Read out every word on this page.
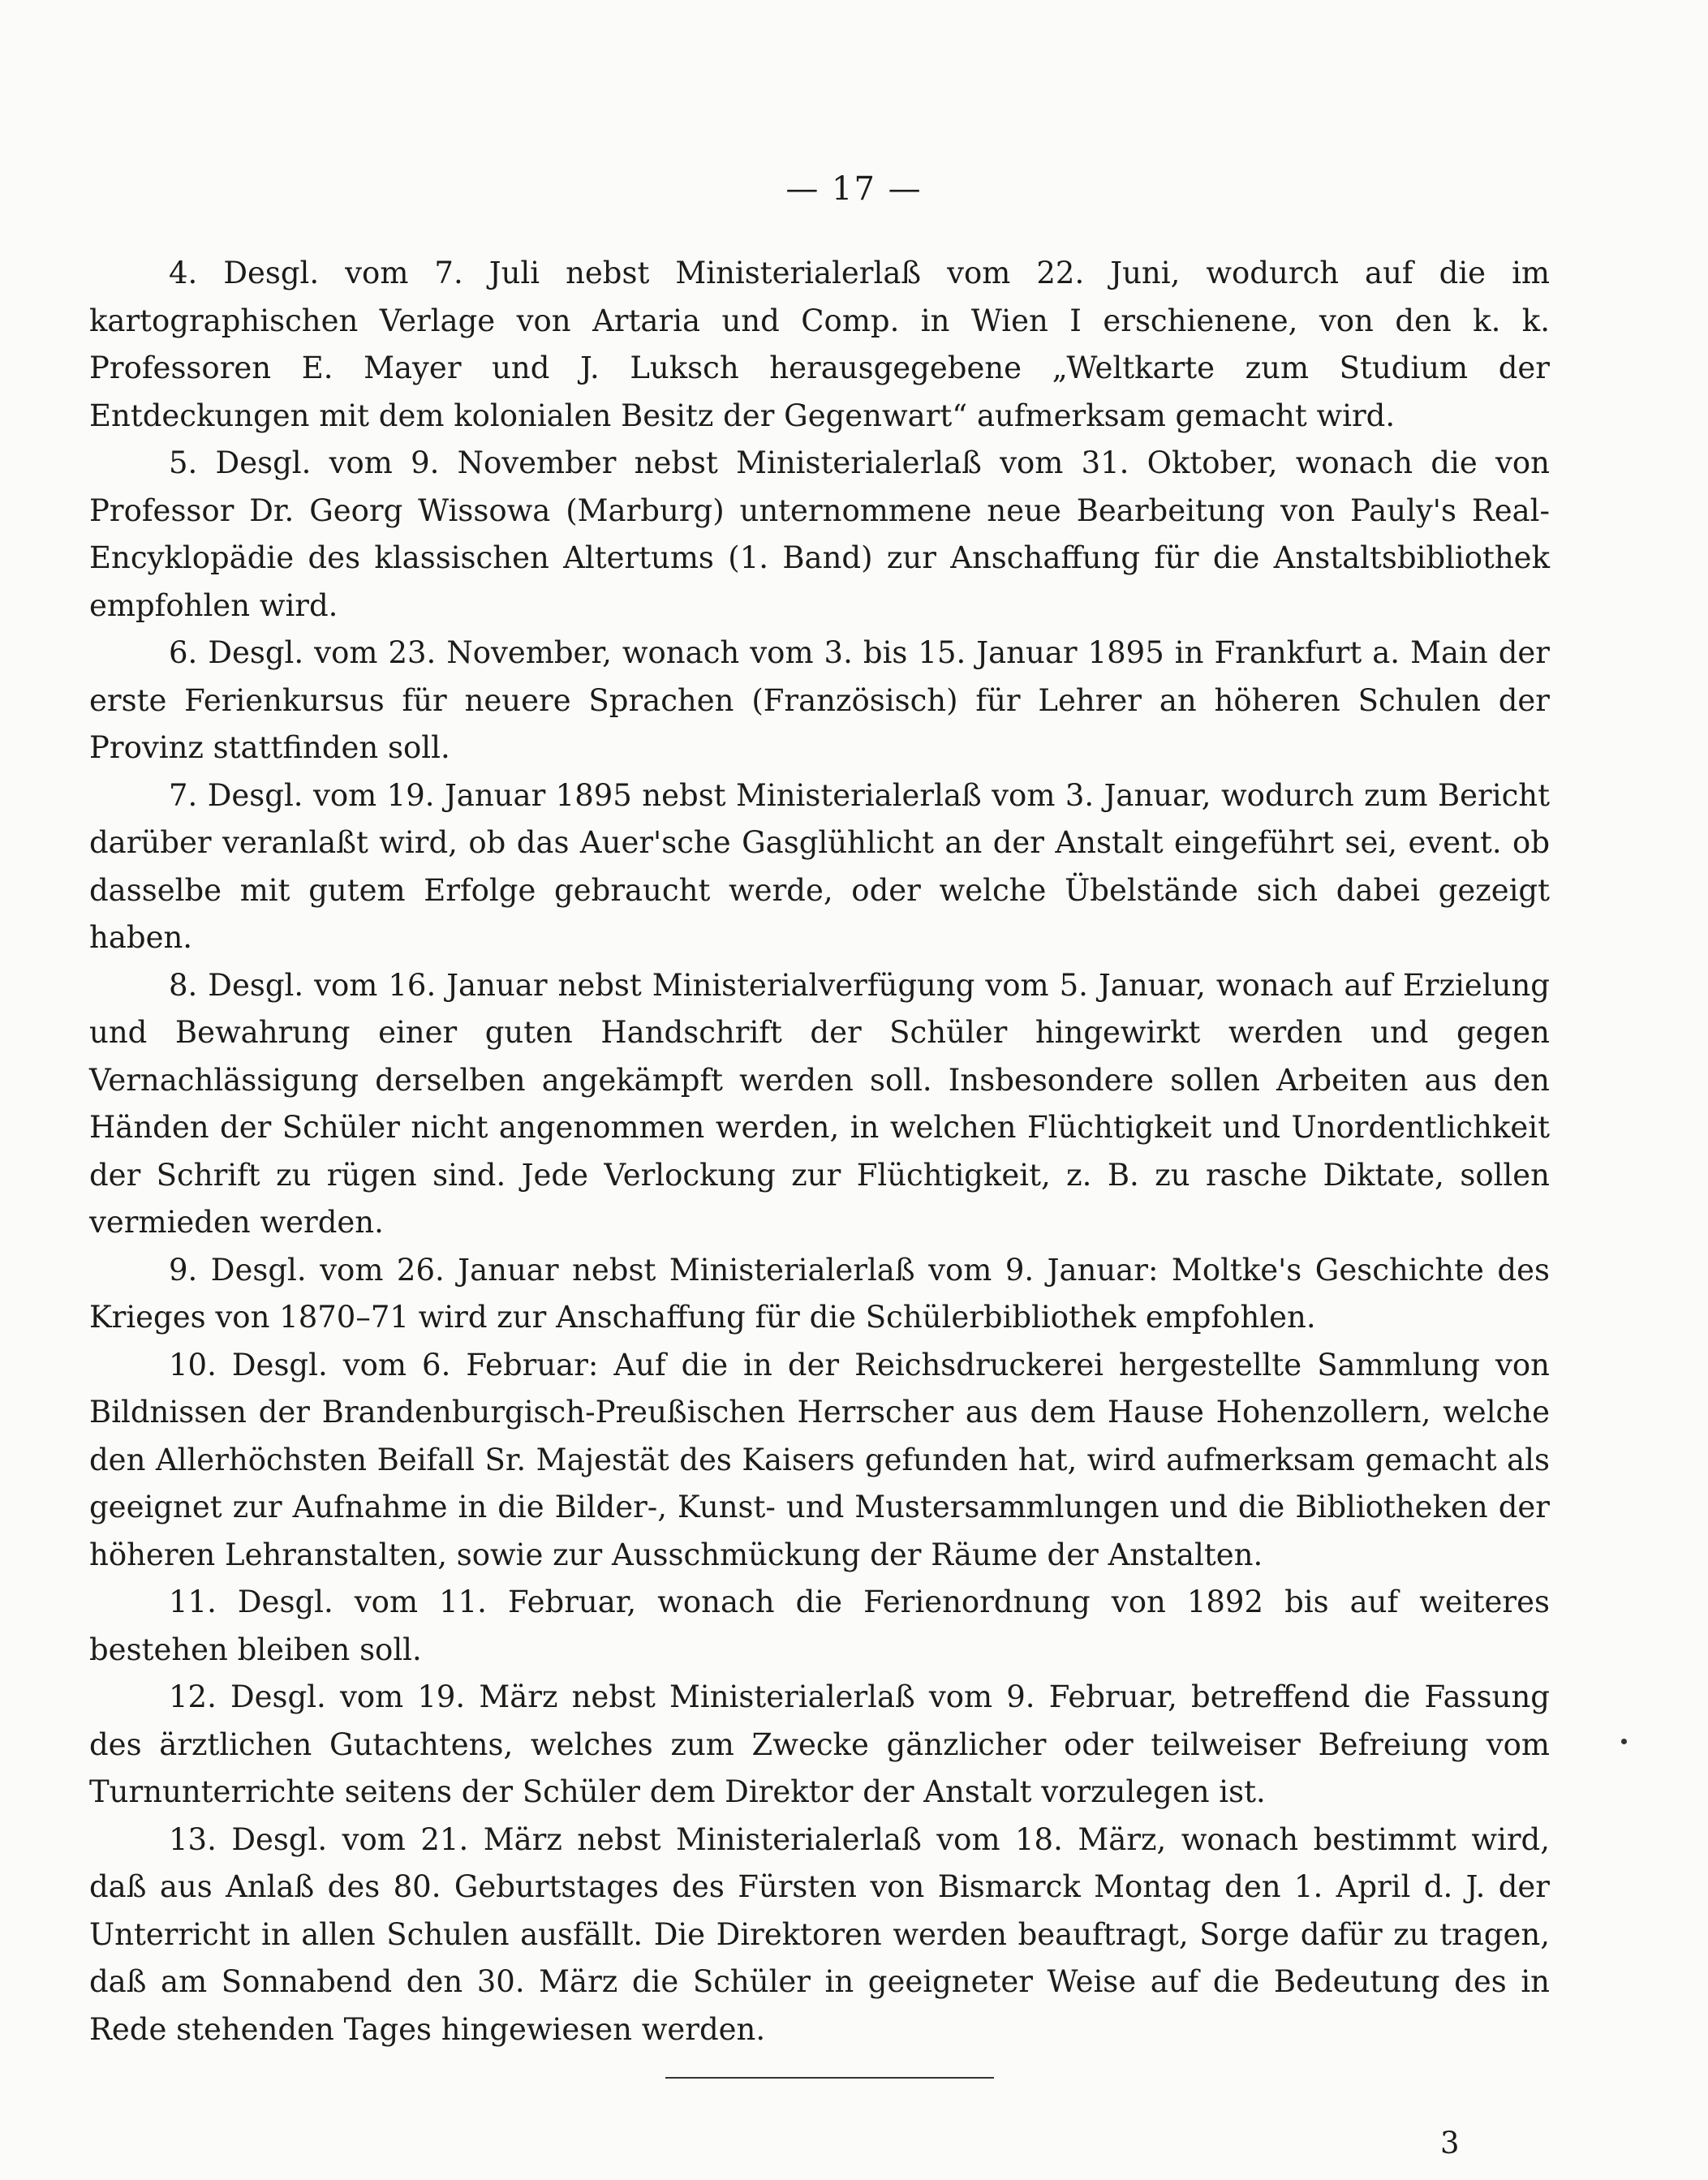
— 17 —

4. Desgl. vom 7. Juli nebst Ministerialerlaß vom 22. Juni, wodurch auf die im kartographischen Verlage von Artaria und Comp. in Wien I erschienene, von den k. k. Professoren E. Mayer und J. Luksch herausgegebene „Weltkarte zum Studium der Entdeckungen mit dem kolonialen Besitz der Gegenwart“ aufmerksam gemacht wird.

5. Desgl. vom 9. November nebst Ministerialerlaß vom 31. Oktober, wonach die von Professor Dr. Georg Wissowa (Marburg) unternommene neue Bearbeitung von Pauly's Real-Encyklopädie des klassischen Altertums (1. Band) zur Anschaffung für die Anstaltsbibliothek empfohlen wird.

6. Desgl. vom 23. November, wonach vom 3. bis 15. Januar 1895 in Frankfurt a. Main der erste Ferienkursus für neuere Sprachen (Französisch) für Lehrer an höheren Schulen der Provinz stattfinden soll.

7. Desgl. vom 19. Januar 1895 nebst Ministerialerlaß vom 3. Januar, wodurch zum Bericht darüber veranlaßt wird, ob das Auer'sche Gasglühlicht an der Anstalt eingeführt sei, event. ob dasselbe mit gutem Erfolge gebraucht werde, oder welche Übelstände sich dabei gezeigt haben.

8. Desgl. vom 16. Januar nebst Ministerialverfügung vom 5. Januar, wonach auf Erzielung und Bewahrung einer guten Handschrift der Schüler hingewirkt werden und gegen Vernachlässigung derselben angekämpft werden soll. Insbesondere sollen Arbeiten aus den Händen der Schüler nicht angenommen werden, in welchen Flüchtigkeit und Unordentlichkeit der Schrift zu rügen sind. Jede Verlockung zur Flüchtigkeit, z. B. zu rasche Diktate, sollen vermieden werden.

9. Desgl. vom 26. Januar nebst Ministerialerlaß vom 9. Januar: Moltke's Geschichte des Krieges von 1870–71 wird zur Anschaffung für die Schülerbibliothek empfohlen.

10. Desgl. vom 6. Februar: Auf die in der Reichsdruckerei hergestellte Sammlung von Bildnissen der Brandenburgisch-Preußischen Herrscher aus dem Hause Hohenzollern, welche den Allerhöchsten Beifall Sr. Majestät des Kaisers gefunden hat, wird aufmerksam gemacht als geeignet zur Aufnahme in die Bilder-, Kunst- und Mustersammlungen und die Bibliotheken der höheren Lehranstalten, sowie zur Ausschmückung der Räume der Anstalten.

11. Desgl. vom 11. Februar, wonach die Ferienordnung von 1892 bis auf weiteres bestehen bleiben soll.

12. Desgl. vom 19. März nebst Ministerialerlaß vom 9. Februar, betreffend die Fassung des ärztlichen Gutachtens, welches zum Zwecke gänzlicher oder teilweiser Befreiung vom Turnunterrichte seitens der Schüler dem Direktor der Anstalt vorzulegen ist.

13. Desgl. vom 21. März nebst Ministerialerlaß vom 18. März, wonach bestimmt wird, daß aus Anlaß des 80. Geburtstages des Fürsten von Bismarck Montag den 1. April d. J. der Unterricht in allen Schulen ausfällt. Die Direktoren werden beauftragt, Sorge dafür zu tragen, daß am Sonnabend den 30. März die Schüler in geeigneter Weise auf die Bedeutung des in Rede stehenden Tages hingewiesen werden.

3
